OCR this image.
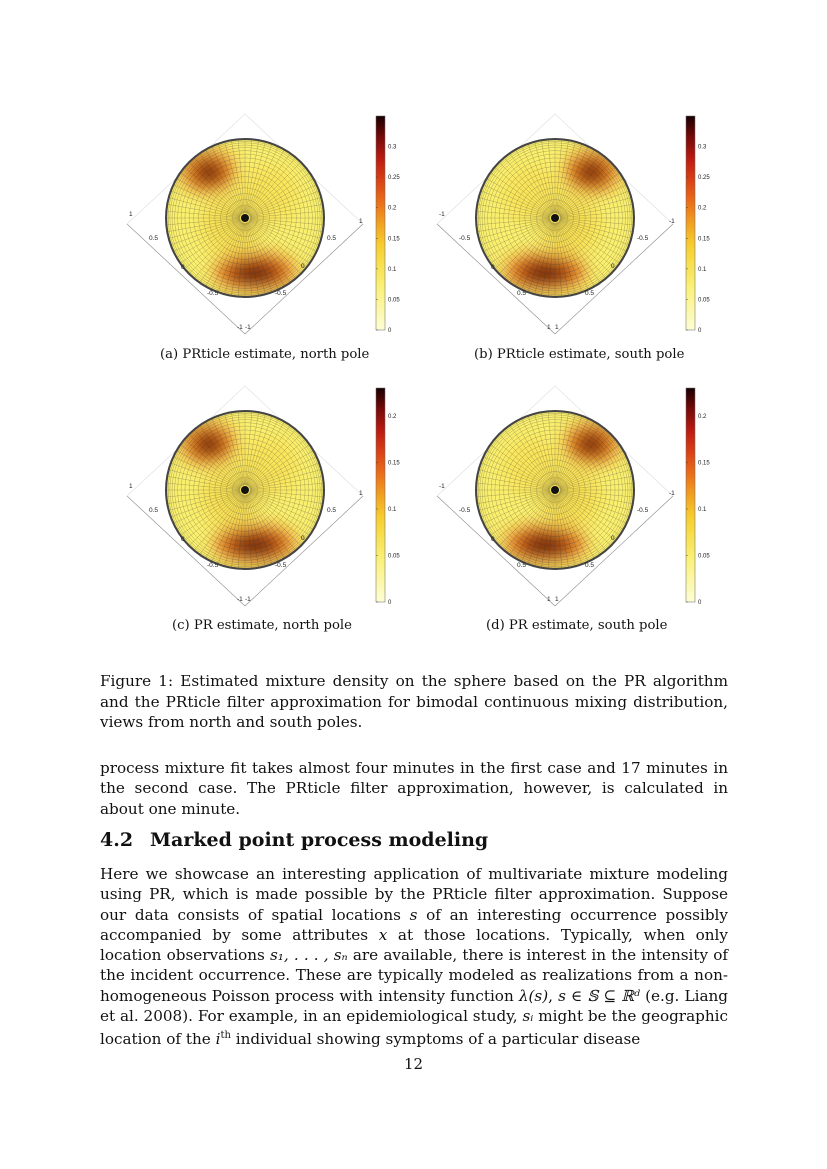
1
0.5
0
-0.5
-1 -1
-0.5
0
0.5
1
0
0.05
0.1
0.15
0.2
0.25
0.3
(a) PRticle estimate, north pole
-1
-0.5
0
0.5
1 1
0.5
0
-0.5
-1
0
0.05
0.1
0.15
0.2
0.25
0.3
(b) PRticle estimate, south pole
1
0.5
0
-0.5
-1 -1
-0.5
0
0.5
1
0
0.05
0.1
0.15
0.2
(c) PR estimate, north pole
-1
-0.5
0
0.5
1 1
0.5
0
-0.5
-1
0
0.05
0.1
0.15
0.2
(d) PR estimate, south pole
Figure 1: Estimated mixture density on the sphere based on the PR algorithm and the PRticle filter approximation for bimodal continuous mixing distribution, views from north and south poles.
process mixture fit takes almost four minutes in the first case and 17 minutes in the second case. The PRticle filter approximation, however, is calculated in about one minute.
4.2 Marked point process modeling
Here we showcase an interesting application of multivariate mixture modeling using PR, which is made possible by the PRticle filter approximation. Suppose our data consists of spatial locations s of an interesting occurrence possibly accompanied by some attributes x at those locations. Typically, when only location observations s₁, . . . , sₙ are available, there is interest in the intensity of the incident occurrence. These are typically modeled as realizations from a non-homogeneous Poisson process with intensity function λ(s), s ∈ 𝕊 ⊆ ℝᵈ (e.g. Liang et al. 2008). For example, in an epidemiological study, sᵢ might be the geographic location of the $i^{th}$ individual showing symptoms of a particular disease
12
